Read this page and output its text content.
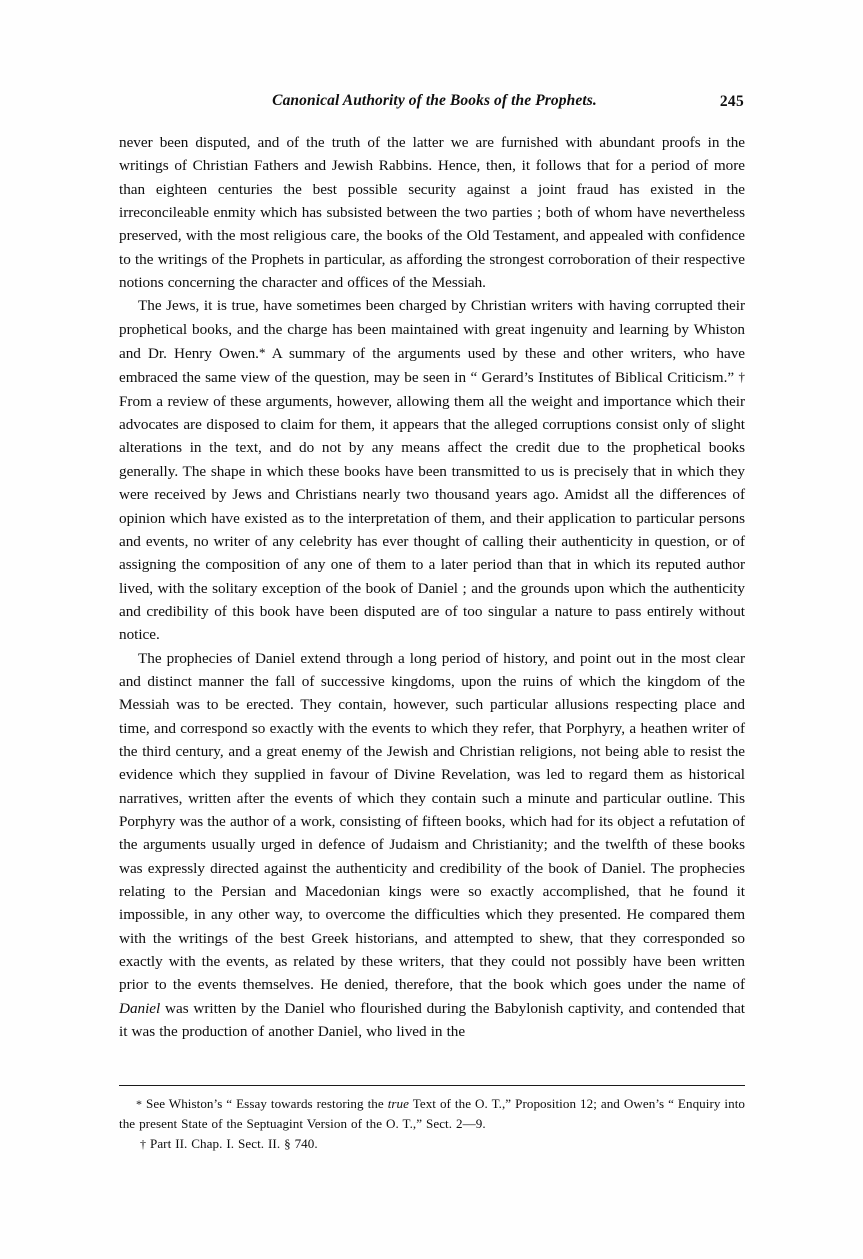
Canonical Authority of the Books of the Prophets.	245

never been disputed, and of the truth of the latter we are furnished with abundant proofs in the writings of Christian Fathers and Jewish Rabbins. Hence, then, it follows that for a period of more than eighteen centuries the best possible security against a joint fraud has existed in the irreconcileable enmity which has subsisted between the two parties ; both of whom have nevertheless preserved, with the most religious care, the books of the Old Testament, and appealed with confidence to the writings of the Prophets in particular, as affording the strongest corroboration of their respective notions concerning the character and offices of the Messiah.

The Jews, it is true, have sometimes been charged by Christian writers with having corrupted their prophetical books, and the charge has been maintained with great ingenuity and learning by Whiston and Dr. Henry Owen.* A summary of the arguments used by these and other writers, who have embraced the same view of the question, may be seen in “ Gerard’s Institutes of Biblical Criticism.” † From a review of these arguments, however, allowing them all the weight and importance which their advocates are disposed to claim for them, it appears that the alleged corruptions consist only of slight alterations in the text, and do not by any means affect the credit due to the prophetical books generally. The shape in which these books have been transmitted to us is precisely that in which they were received by Jews and Christians nearly two thousand years ago. Amidst all the differences of opinion which have existed as to the interpretation of them, and their application to particular persons and events, no writer of any celebrity has ever thought of calling their authenticity in question, or of assigning the composition of any one of them to a later period than that in which its reputed author lived, with the solitary exception of the book of Daniel ; and the grounds upon which the authenticity and credibility of this book have been disputed are of too singular a nature to pass entirely without notice.

The prophecies of Daniel extend through a long period of history, and point out in the most clear and distinct manner the fall of successive kingdoms, upon the ruins of which the kingdom of the Messiah was to be erected. They contain, however, such particular allusions respecting place and time, and correspond so exactly with the events to which they refer, that Porphyry, a heathen writer of the third century, and a great enemy of the Jewish and Christian religions, not being able to resist the evidence which they supplied in favour of Divine Revelation, was led to regard them as historical narratives, written after the events of which they contain such a minute and particular outline. This Porphyry was the author of a work, consisting of fifteen books, which had for its object a refutation of the arguments usually urged in defence of Judaism and Christianity; and the twelfth of these books was expressly directed against the authenticity and credibility of the book of Daniel. The prophecies relating to the Persian and Macedonian kings were so exactly accomplished, that he found it impossible, in any other way, to overcome the difficulties which they presented. He compared them with the writings of the best Greek historians, and attempted to shew, that they corresponded so exactly with the events, as related by these writers, that they could not possibly have been written prior to the events themselves. He denied, therefore, that the book which goes under the name of Daniel was written by the Daniel who flourished during the Babylonish captivity, and contended that it was the production of another Daniel, who lived in the

* See Whiston’s “ Essay towards restoring the true Text of the O. T.,” Proposition 12; and Owen’s “ Enquiry into the present State of the Septuagint Version of the O. T.,” Sect. 2—9.

† Part II. Chap. I. Sect. II. § 740.
